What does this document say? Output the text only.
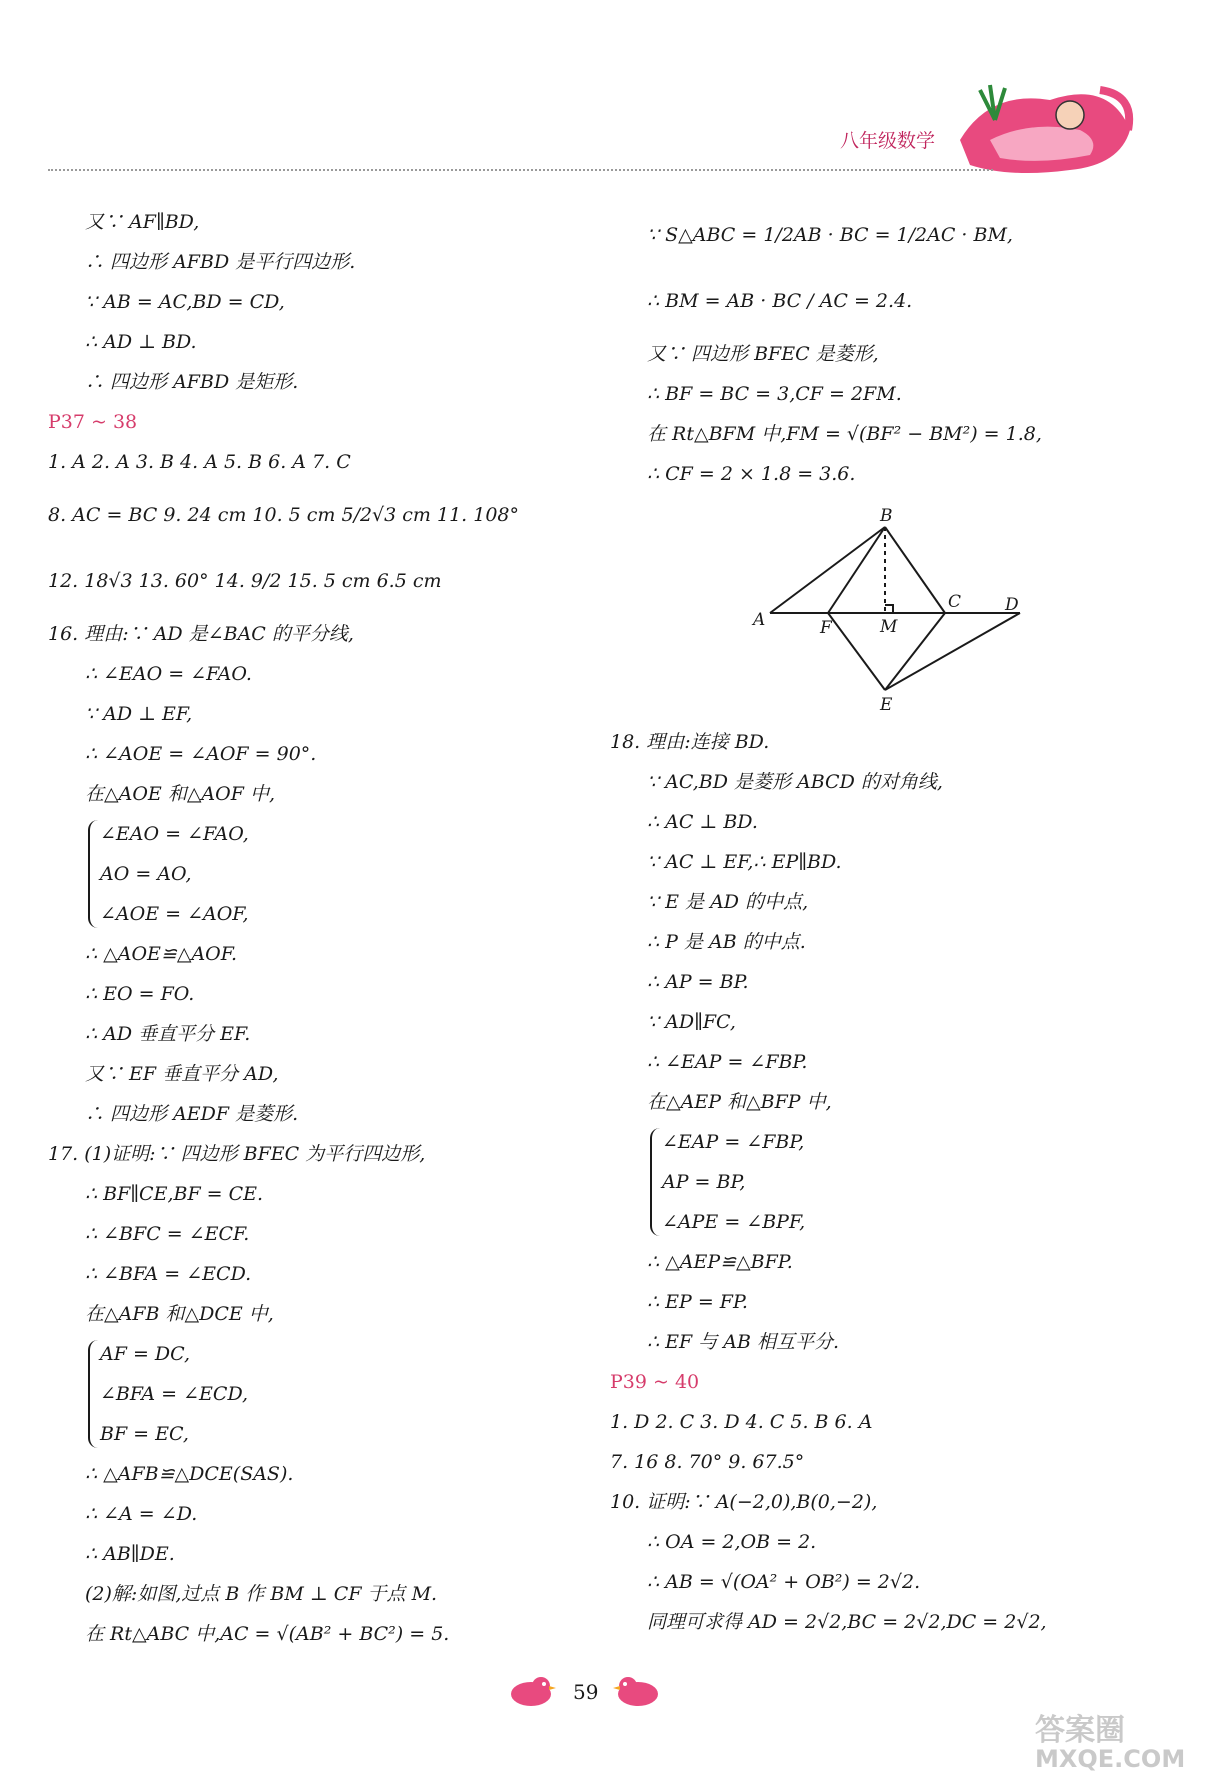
八年级数学
又∵ AF∥BD,
∴ 四边形 AFBD 是平行四边形.
∵ AB = AC,BD = CD,
∴ AD ⊥ BD.
∴ 四边形 AFBD 是矩形.
P37 ~ 38
1. A 2. A 3. B 4. A 5. B 6. A 7. C
8. AC = BC 9. 24 cm 10. 5 cm 5/2√3 cm 11. 108°
12. 18√3 13. 60° 14. 9/2 15. 5 cm 6.5 cm
16. 理由:∵ AD 是∠BAC 的平分线,
∴ ∠EAO = ∠FAO.
∵ AD ⊥ EF,
∴ ∠AOE = ∠AOF = 90°.
在△AOE 和△AOF 中,
∠EAO = ∠FAO,
AO = AO,
∠AOE = ∠AOF,
∴ △AOE≌△AOF.
∴ EO = FO.
∴ AD 垂直平分 EF.
又∵ EF 垂直平分 AD,
∴ 四边形 AEDF 是菱形.
17. (1)证明:∵ 四边形 BFEC 为平行四边形,
∴ BF∥CE,BF = CE.
∴ ∠BFC = ∠ECF.
∴ ∠BFA = ∠ECD.
在△AFB 和△DCE 中,
AF = DC,
∠BFA = ∠ECD,
BF = EC,
∴ △AFB≌△DCE(SAS).
∴ ∠A = ∠D.
∴ AB∥DE.
(2)解:如图,过点 B 作 BM ⊥ CF 于点 M.
在 Rt△ABC 中,AC = √(AB² + BC²) = 5.
∵ S△ABC = 1/2AB · BC = 1/2AC · BM,
∴ BM = AB · BC / AC = 2.4.
又∵ 四边形 BFEC 是菱形,
∴ BF = BC = 3,CF = 2FM.
在 Rt△BFM 中,FM = √(BF² − BM²) = 1.8,
∴ CF = 2 × 1.8 = 3.6.
18. 理由:连接 BD.
∵ AC,BD 是菱形 ABCD 的对角线,
∴ AC ⊥ BD.
∵ AC ⊥ EF,∴ EP∥BD.
∵ E 是 AD 的中点,
∴ P 是 AB 的中点.
∴ AP = BP.
∵ AD∥FC,
∴ ∠EAP = ∠FBP.
在△AEP 和△BFP 中,
∠EAP = ∠FBP,
AP = BP,
∠APE = ∠BPF,
∴ △AEP≌△BFP.
∴ EP = FP.
∴ EF 与 AB 相互平分.
P39 ~ 40
1. D 2. C 3. D 4. C 5. B 6. A
7. 16 8. 70° 9. 67.5°
10. 证明:∵ A(−2,0),B(0,−2),
∴ OA = 2,OB = 2.
∴ AB = √(OA² + OB²) = 2√2.
同理可求得 AD = 2√2,BC = 2√2,DC = 2√2,
A
B
C	D
E
F	M
59
答案圈
MXQE.COM
